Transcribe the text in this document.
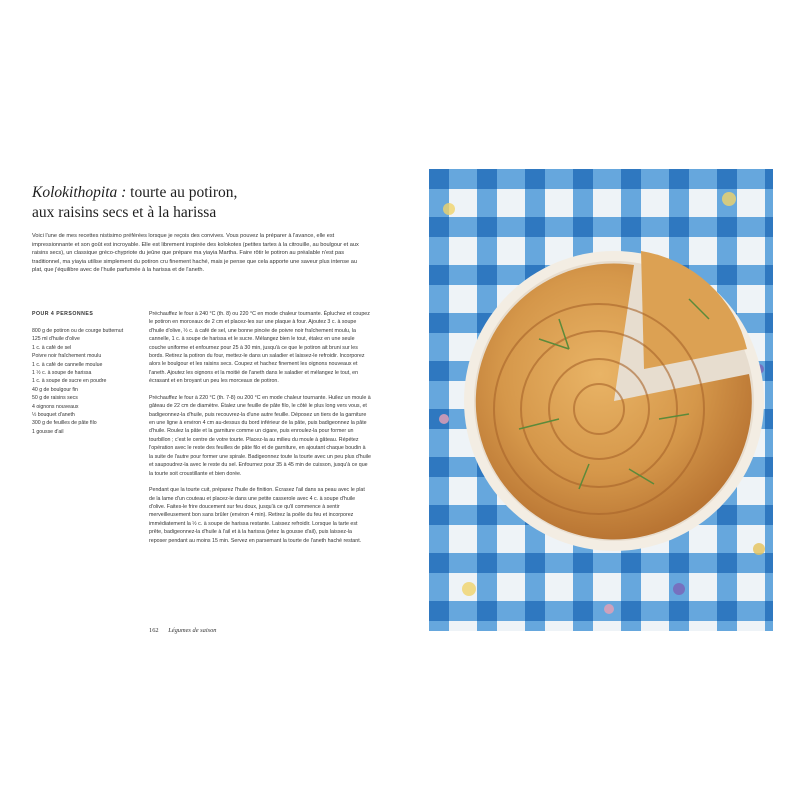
Kolokithopita : tourte au potiron,
aux raisins secs et à la harissa
Voici l'une de mes recettes nistisimo préférées lorsque je reçois des convives. Vous pouvez la préparer à l'avance, elle est impressionnante et son goût est incroyable. Elle est librement inspirée des kolokotes (petites tartes à la citrouille, au boulgour et aux raisins secs), un classique gréco-chypriote du jeûne que prépare ma yiayia Martha. Faire rôtir le potiron au préalable n'est pas traditionnel, ma yiayia utilise simplement du potiron cru finement haché, mais je pense que cela apporte une saveur plus intense au plat, que j'équilibre avec de l'huile parfumée à la harissa et de l'aneth.
POUR 4 PERSONNES
800 g de potiron ou de courge butternut
125 ml d'huile d'olive
1 c. à café de sel
Poivre noir fraîchement moulu
1 c. à café de cannelle moulue
1 ½ c. à soupe de harissa
1 c. à soupe de sucre en poudre
40 g de boulgour fin
50 g de raisins secs
4 oignons nouveaux
½ bouquet d'aneth
300 g de feuilles de pâte filo
1 gousse d'ail

Préchauffez le four à 240 °C (th. 8) ou 220 °C en mode chaleur tournante. Épluchez et coupez le potiron en morceaux de 2 cm et placez-les sur une plaque à four. Ajoutez 3 c. à soupe d'huile d'olive, ½ c. à café de sel, une bonne pincée de poivre noir fraîchement moulu, la cannelle, 1 c. à soupe de harissa et le sucre. Mélangez bien le tout, étalez en une seule couche uniforme et enfournez pour 25 à 30 min, jusqu'à ce que le potiron ait bruni sur les bords. Retirez la potiron du four, mettez-le dans un saladier et laissez-le refroidir. Incorporez alors le boulgour et les raisins secs. Coupez et hachez finement les oignons nouveaux et l'aneth. Ajoutez les oignons et la moitié de l'aneth dans le saladier et mélangez le tout, en écrasant et en broyant un peu les morceaux de potiron.

Préchauffez le four à 220 °C (th. 7-8) ou 200 °C en mode chaleur tournante. Huilez un moule à gâteau de 22 cm de diamètre. Étalez une feuille de pâte filo, le côté le plus long vers vous, et badigeonnez-la d'huile, puis recouvrez-la d'une autre feuille. Déposez un tiers de la garniture en une ligne à environ 4 cm au-dessus du bord inférieur de la pâte, puis badigeonnez la pâte d'huile. Roulez la pâte et la garniture comme un cigare, puis enroulez-la pour former un tourbillon ; c'est le centre de votre tourte. Placez-la au milieu du moule à gâteau. Répétez l'opération avec le reste des feuilles de pâte filo et de garniture, en ajoutant chaque boudin à la suite de l'autre pour former une spirale. Badigeonnez toute la tourte avec un peu plus d'huile et saupoudrez-la avec le reste du sel. Enfournez pour 35 à 45 min de cuisson, jusqu'à ce que la tourte soit croustillante et bien dorée.

Pendant que la tourte cuit, préparez l'huile de finition. Écrasez l'ail dans sa peau avec le plat de la lame d'un couteau et placez-le dans une petite casserole avec 4 c. à soupe d'huile d'olive. Faites-le frire doucement sur feu doux, jusqu'à ce qu'il commence à sentir merveilleusement bon sans brûler (environ 4 min). Retirez la poêle du feu et incorporez immédiatement la ½ c. à soupe de harissa restante. Laissez refroidir. Lorsque la tarte est prête, badigeonnez-la d'huile à l'ail et à la harissa (jetez la gousse d'ail), puis laissez-la reposer pendant au moins 15 min. Servez en parsemant la tourte de l'aneth haché restant.

162 Légumes de saison
